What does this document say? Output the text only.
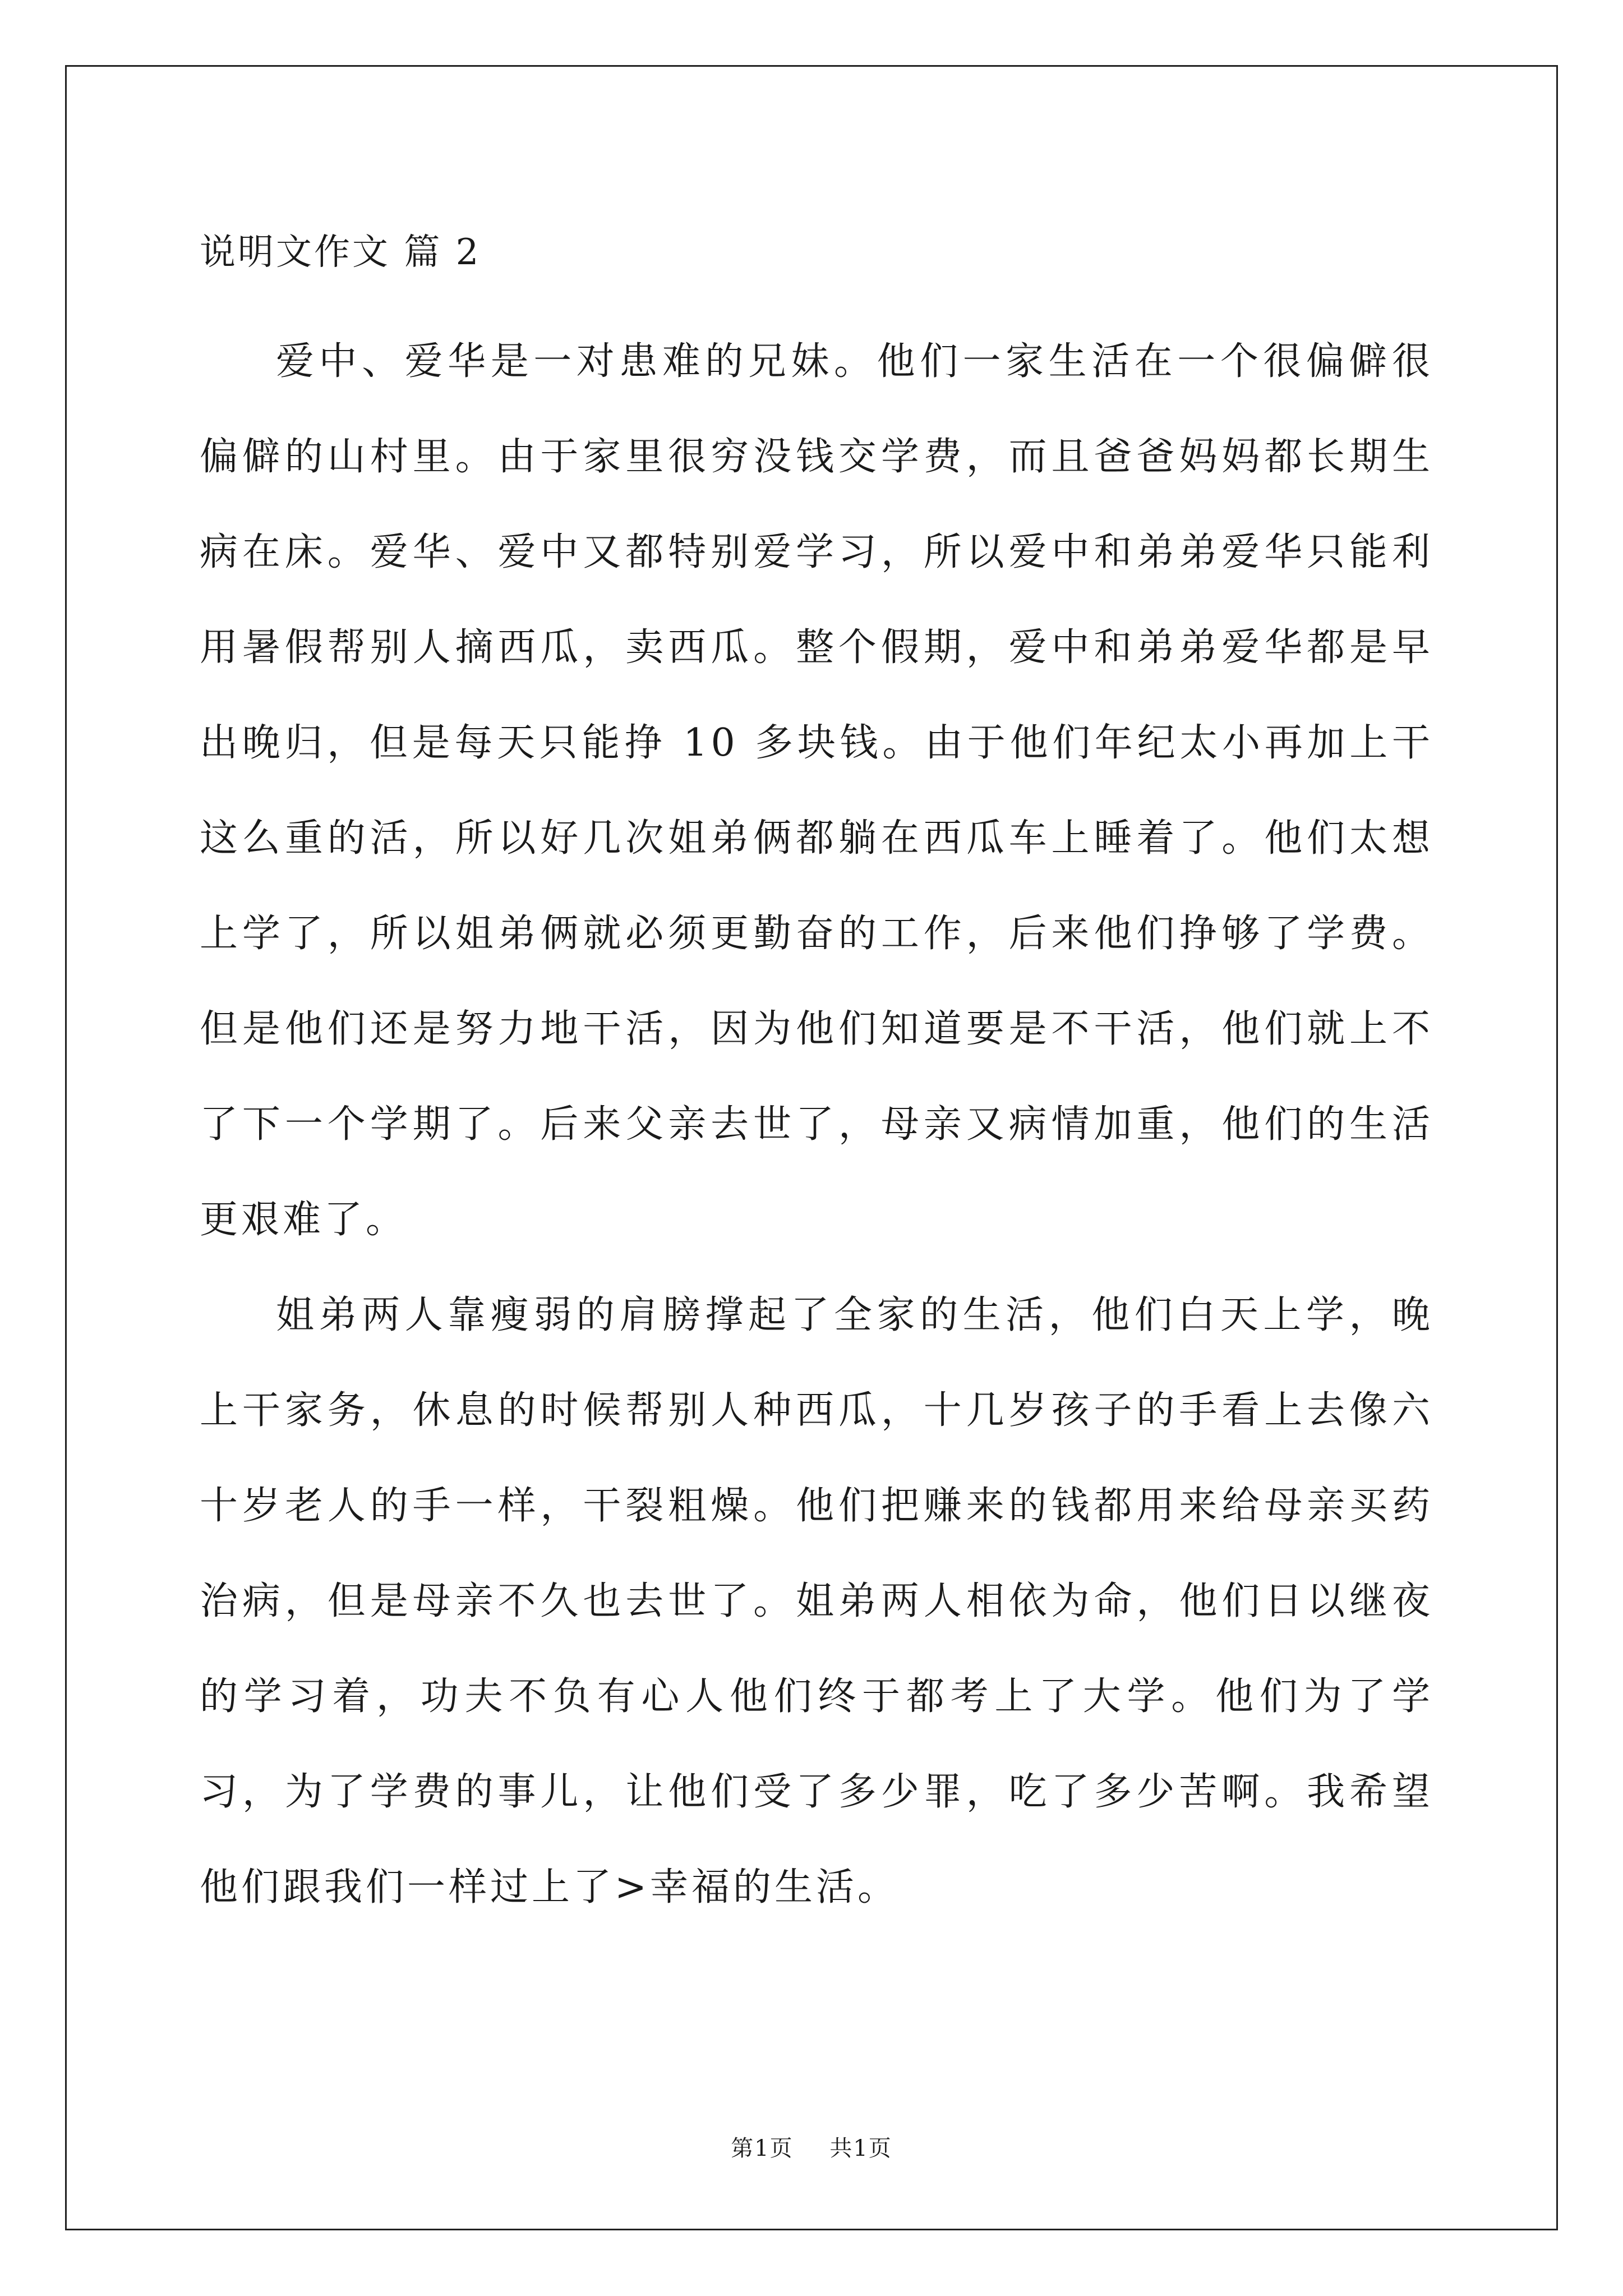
说明文作文 篇 2

爱中、爱华是一对患难的兄妹。他们一家生活在一个很偏僻很偏僻的山村里。由于家里很穷没钱交学费，而且爸爸妈妈都长期生病在床。爱华、爱中又都特别爱学习，所以爱中和弟弟爱华只能利用暑假帮别人摘西瓜，卖西瓜。整个假期，爱中和弟弟爱华都是早出晚归，但是每天只能挣 10 多块钱。由于他们年纪太小再加上干这么重的活，所以好几次姐弟俩都躺在西瓜车上睡着了。他们太想上学了，所以姐弟俩就必须更勤奋的工作，后来他们挣够了学费。但是他们还是努力地干活，因为他们知道要是不干活，他们就上不了下一个学期了。后来父亲去世了，母亲又病情加重，他们的生活更艰难了。

姐弟两人靠瘦弱的肩膀撑起了全家的生活，他们白天上学，晚上干家务，休息的时候帮别人种西瓜，十几岁孩子的手看上去像六十岁老人的手一样，干裂粗燥。他们把赚来的钱都用来给母亲买药治病，但是母亲不久也去世了。姐弟两人相依为命，他们日以继夜的学习着，功夫不负有心人他们终于都考上了大学。他们为了学习，为了学费的事儿，让他们受了多少罪，吃了多少苦啊。我希望他们跟我们一样过上了>幸福的生活。

第1页 共1页
